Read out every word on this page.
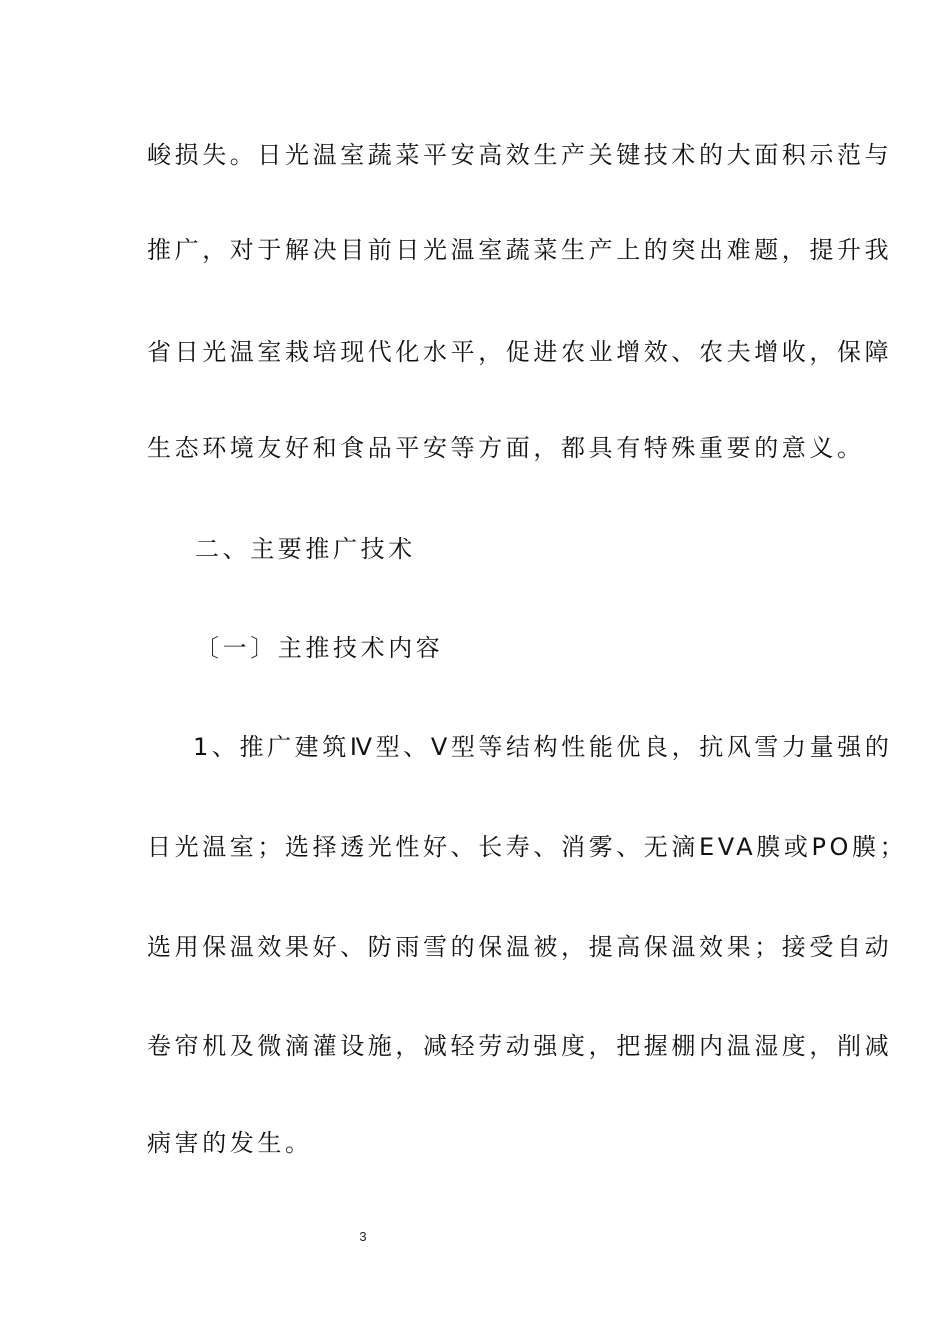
峻损失。日光温室蔬菜平安高效生产关键技术的大面积示范与
推广，对于解决目前日光温室蔬菜生产上的突出难题，提升我
省日光温室栽培现代化水平，促进农业增效、农夫增收，保障
生态环境友好和食品平安等方面，都具有特殊重要的意义。
二、主要推广技术
〔一〕主推技术内容
1、推广建筑Ⅳ型、Ⅴ型等结构性能优良，抗风雪力量强的
日光温室；选择透光性好、长寿、消雾、无滴EVA膜或PO膜；
选用保温效果好、防雨雪的保温被，提高保温效果；接受自动
卷帘机及微滴灌设施，减轻劳动强度，把握棚内温湿度，削减
病害的发生。
3
